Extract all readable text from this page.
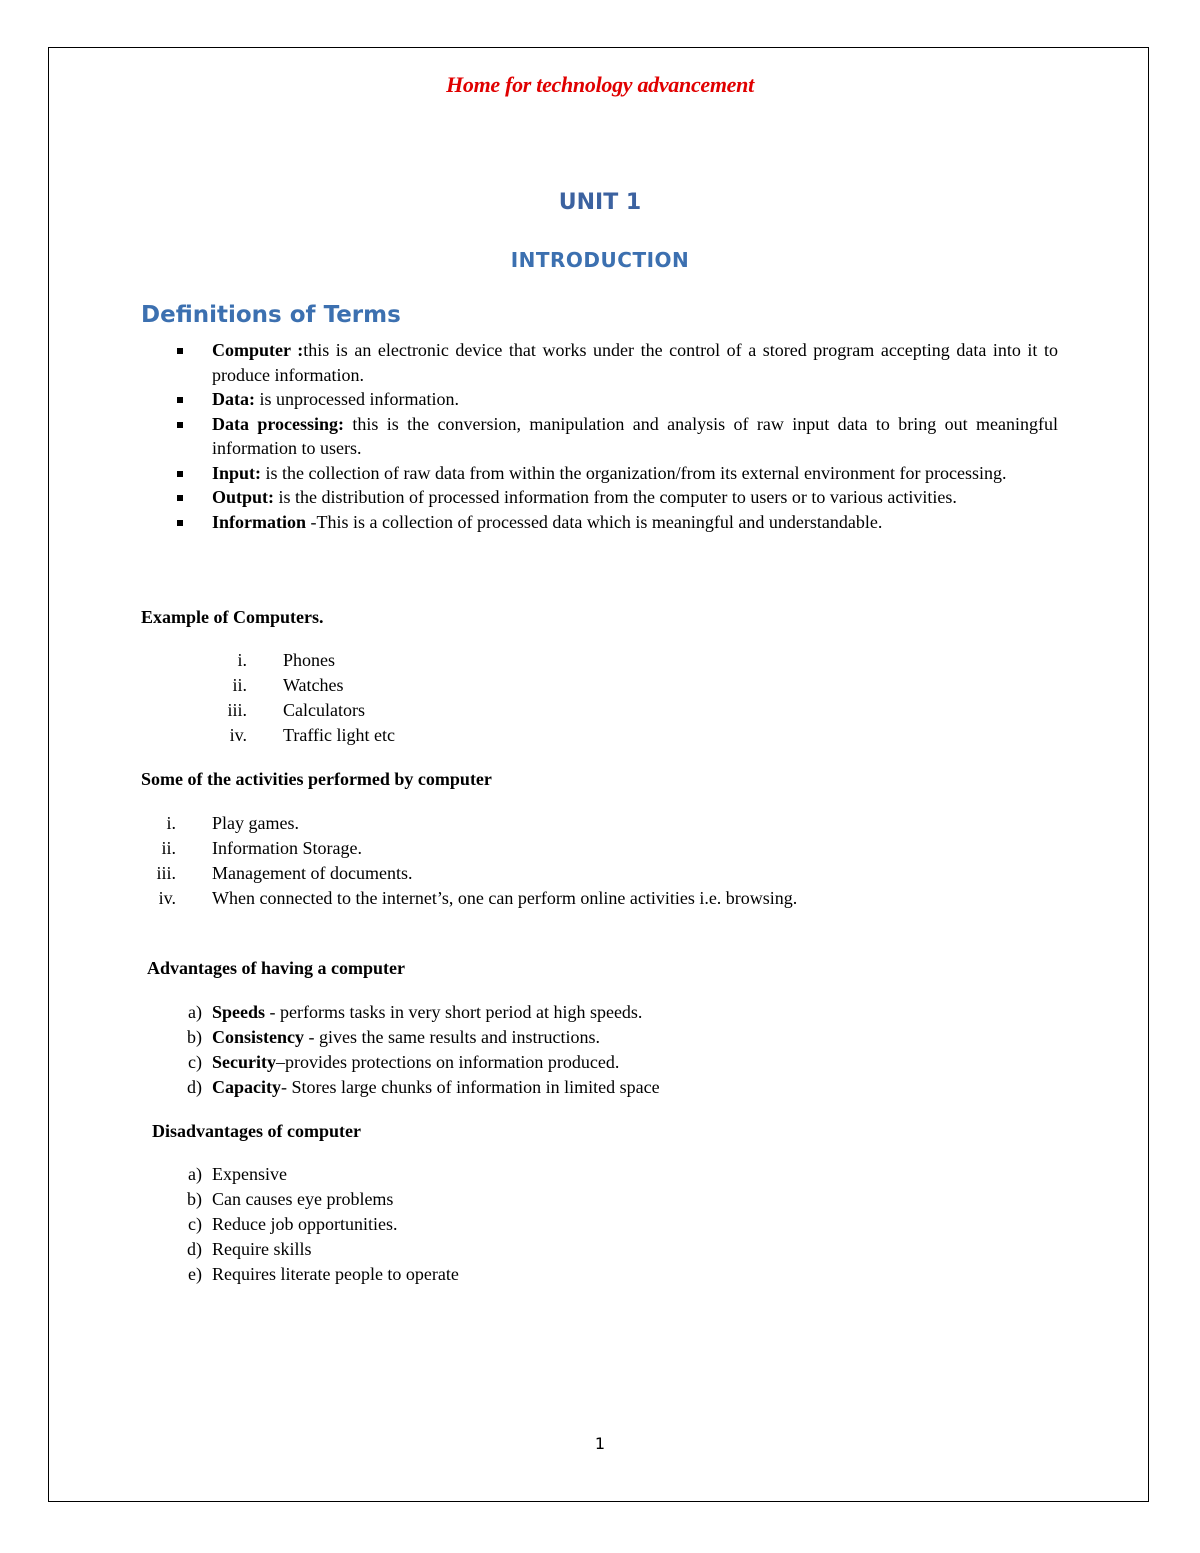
Home for technology advancement
UNIT 1
INTRODUCTION
Definitions of Terms
Computer :this is an electronic device that works under the control of a stored program accepting data into it to produce information.
Data: is unprocessed information.
Data processing: this is the conversion, manipulation and analysis of raw input data to bring out meaningful information to users.
Input: is the collection of raw data from within the organization/from its external environment for processing.
Output: is the distribution of processed information from the computer to users or to various activities.
Information -This is a collection of processed data which is meaningful and understandable.
Example of Computers.
i. Phones
ii. Watches
iii. Calculators
iv. Traffic light etc
Some of the activities performed by computer
i. Play games.
ii. Information Storage.
iii. Management of documents.
iv. When connected to the internet’s, one can perform online activities i.e. browsing.
Advantages of having a computer
a) Speeds - performs tasks in very short period at high speeds.
b) Consistency - gives the same results and instructions.
c) Security–provides protections on information produced.
d) Capacity- Stores large chunks of information in limited space
Disadvantages of computer
a) Expensive
b) Can causes eye problems
c) Reduce job opportunities.
d) Require skills
e) Requires literate people to operate
1
